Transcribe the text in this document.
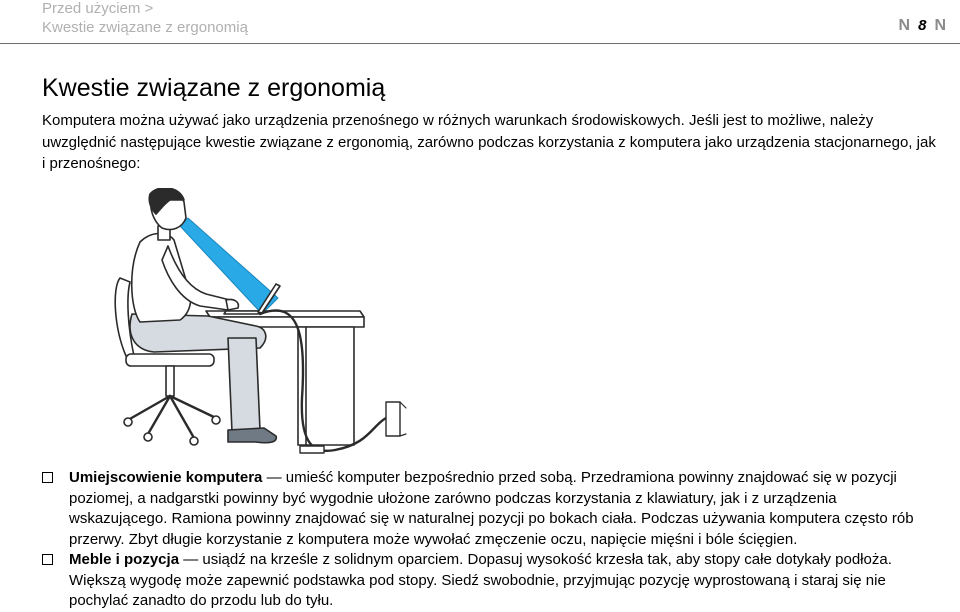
Przed użyciem >
Kwestie związane z ergonomią	N 8 N
Kwestie związane z ergonomią

Komputera można używać jako urządzenia przenośnego w różnych warunkach środowiskowych. Jeśli jest to możliwe, należy uwzględnić następujące kwestie związane z ergonomią, zarówno podczas korzystania z komputera jako urządzenia stacjonarnego, jak i przenośnego:

Umiejscowienie komputera — umieść komputer bezpośrednio przed sobą. Przedramiona powinny znajdować się w pozycji poziomej, a nadgarstki powinny być wygodnie ułożone zarówno podczas korzystania z klawiatury, jak i z urządzenia wskazującego. Ramiona powinny znajdować się w naturalnej pozycji po bokach ciała. Podczas używania komputera często rób przerwy. Zbyt długie korzystanie z komputera może wywołać zmęczenie oczu, napięcie mięśni i bóle ścięgien.
Meble i pozycja — usiądź na krześle z solidnym oparciem. Dopasuj wysokość krzesła tak, aby stopy całe dotykały podłoża. Większą wygodę może zapewnić podstawka pod stopy. Siedź swobodnie, przyjmując pozycję wyprostowaną i staraj się nie pochylać zanadto do przodu lub do tyłu.
